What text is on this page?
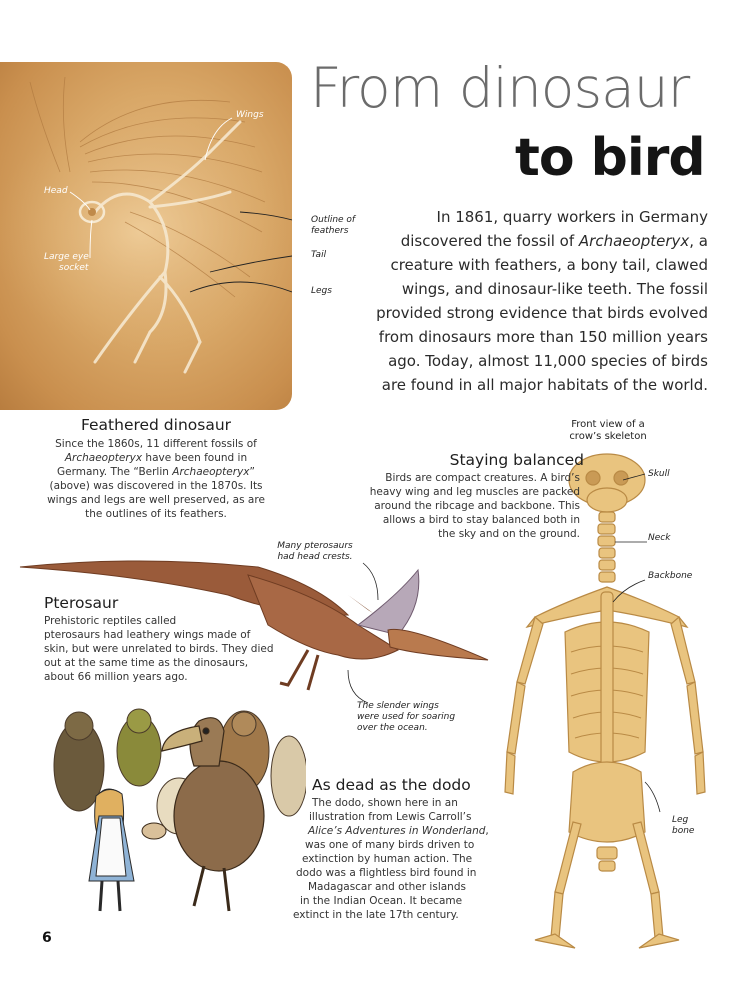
Wings
Head
Large eye
socket
Outline of
feathers
Tail
Legs
From dinosaur
to bird
In 1861, quarry workers in Germany discovered the fossil of Archaeopteryx, a creature with feathers, a bony tail, clawed wings, and dinosaur-like teeth. The fossil provided strong evidence that birds evolved from dinosaurs more than 150 million years ago. Today, almost 11,000 species of birds are found in all major habitats of the world.
Feathered dinosaur
Since the 1860s, 11 different fossils of
Archaeopteryx have been found in
Germany. The “Berlin Archaeopteryx”
(above) was discovered in the 1870s. Its
wings and legs are well preserved, as are
the outlines of its feathers.
Front view of a
crow’s skeleton
Skull
Neck
Backbone
Leg
bone
Staying balanced
Birds are compact creatures. A bird’s
heavy wing and leg muscles are packed
around the ribcage and backbone. This
allows a bird to stay balanced both in
the sky and on the ground.
Many pterosaurs
had head crests.
The slender wings
were used for soaring
over the ocean.
Pterosaur
Prehistoric reptiles called
pterosaurs had leathery wings made of
skin, but were unrelated to birds. They died
out at the same time as the dinosaurs,
about 66 million years ago.
As dead as the dodo
The dodo, shown here in an
illustration from Lewis Carroll’s
Alice’s Adventures in Wonderland,
was one of many birds driven to
extinction by human action. The
dodo was a flightless bird found in
Madagascar and other islands
in the Indian Ocean. It became
extinct in the late 17th century.
6
